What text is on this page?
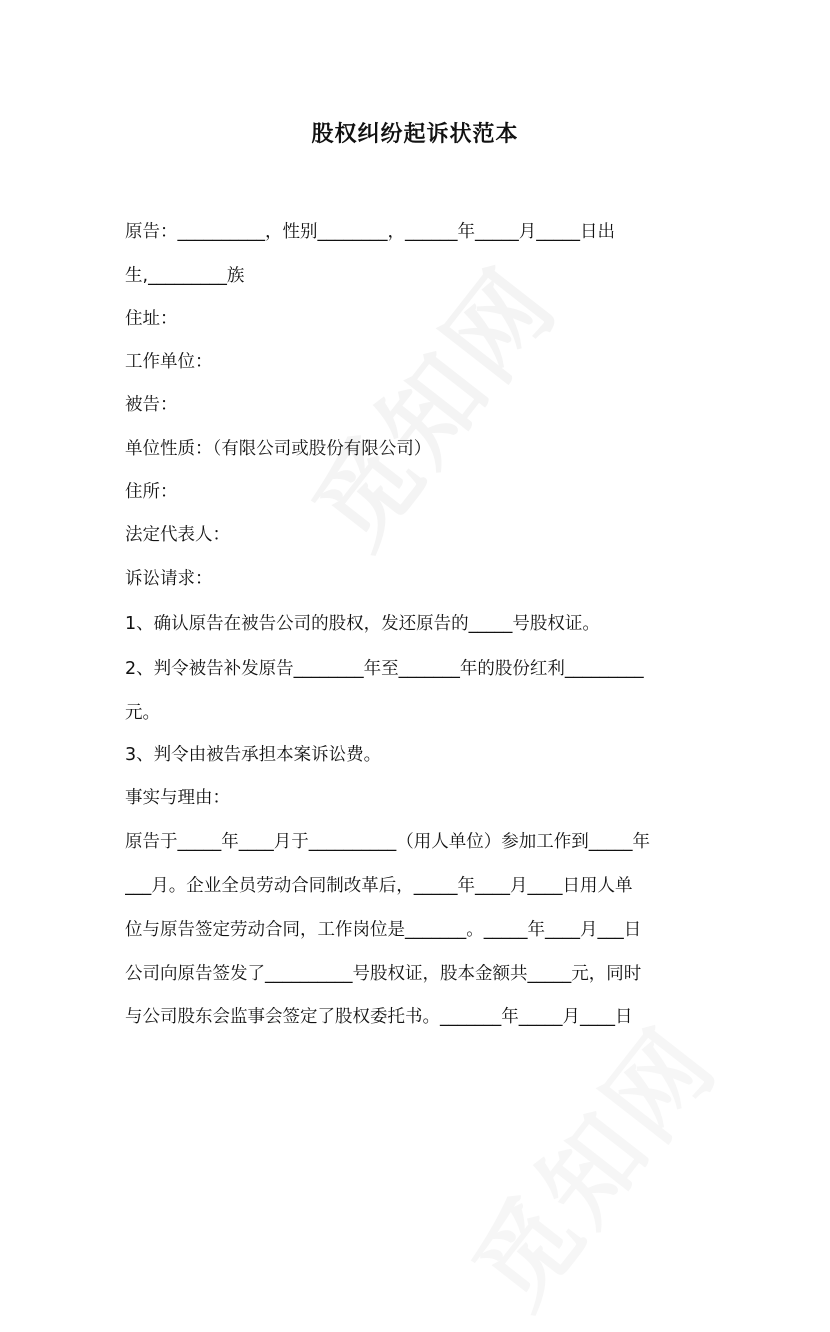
股权纠纷起诉状范本
原告：__________，性别________，______年_____月_____日出
生,_________族
住址：
工作单位：
被告：
单位性质：（有限公司或股份有限公司）
住所：
法定代表人：
诉讼请求：
1、确认原告在被告公司的股权，发还原告的_____号股权证。
2、判令被告补发原告________年至_______年的股份红利_________
元。
3、判令由被告承担本案诉讼费。
事实与理由：
原告于_____年____月于__________（用人单位）参加工作到_____年
___月。企业全员劳动合同制改革后，_____年____月____日用人单
位与原告签定劳动合同，工作岗位是_______。_____年____月___日
公司向原告签发了__________号股权证，股本金额共_____元，同时
与公司股东会监事会签定了股权委托书。_______年_____月____日
